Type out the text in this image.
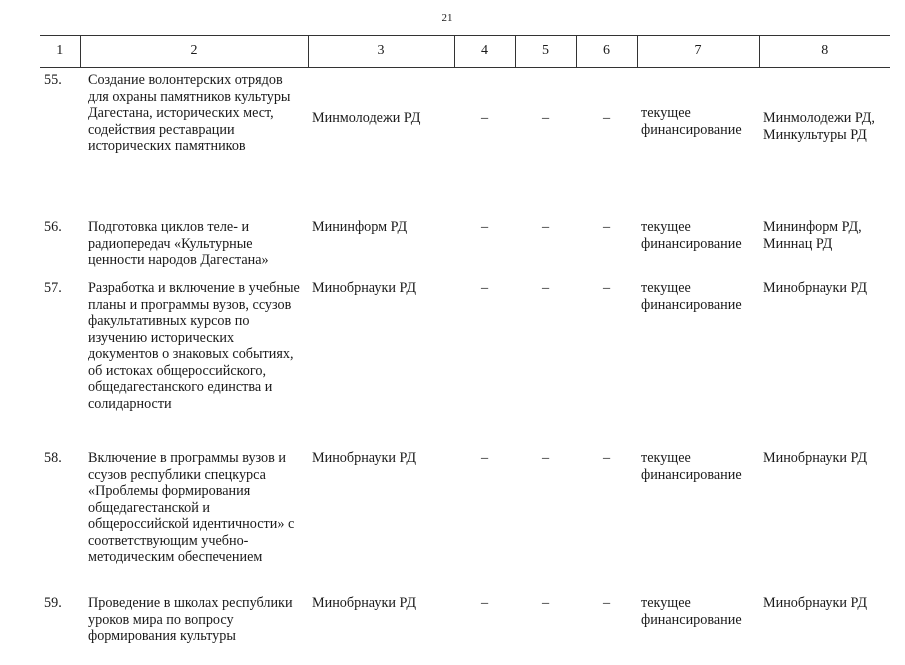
21
1	2	3	4	5	6	7	8
55.	Создание волонтерских отрядов для охраны памятников культуры Дагестана, исторических мест, содействия реставрации исторических памятников	Минмолодежи РД	–	–	–	текущее финансирование	Минмолодежи РД, Минкультуры РД
56.	Подготовка циклов теле- и радиопередач «Культурные ценности народов Дагестана»	Мининформ РД	–	–	–	текущее финансирование	Мининформ РД, Миннац РД
57.	Разработка и включение в учебные планы и программы вузов, ссузов факультативных курсов по изучению исторических документов о знаковых событиях, об истоках общероссийского, общедагестанского единства и солидарности	Минобрнауки РД	–	–	–	текущее финансирование	Минобрнауки РД
58.	Включение в программы вузов и ссузов республики спецкурса «Проблемы формирования общедагестанской и общероссийской идентичности» с соответствующим учебно-методическим обеспечением	Минобрнауки РД	–	–	–	текущее финансирование	Минобрнауки РД
59.	Проведение в школах республики уроков мира по вопросу формирования культуры	Минобрнауки РД	–	–	–	текущее финансирование	Минобрнауки РД
